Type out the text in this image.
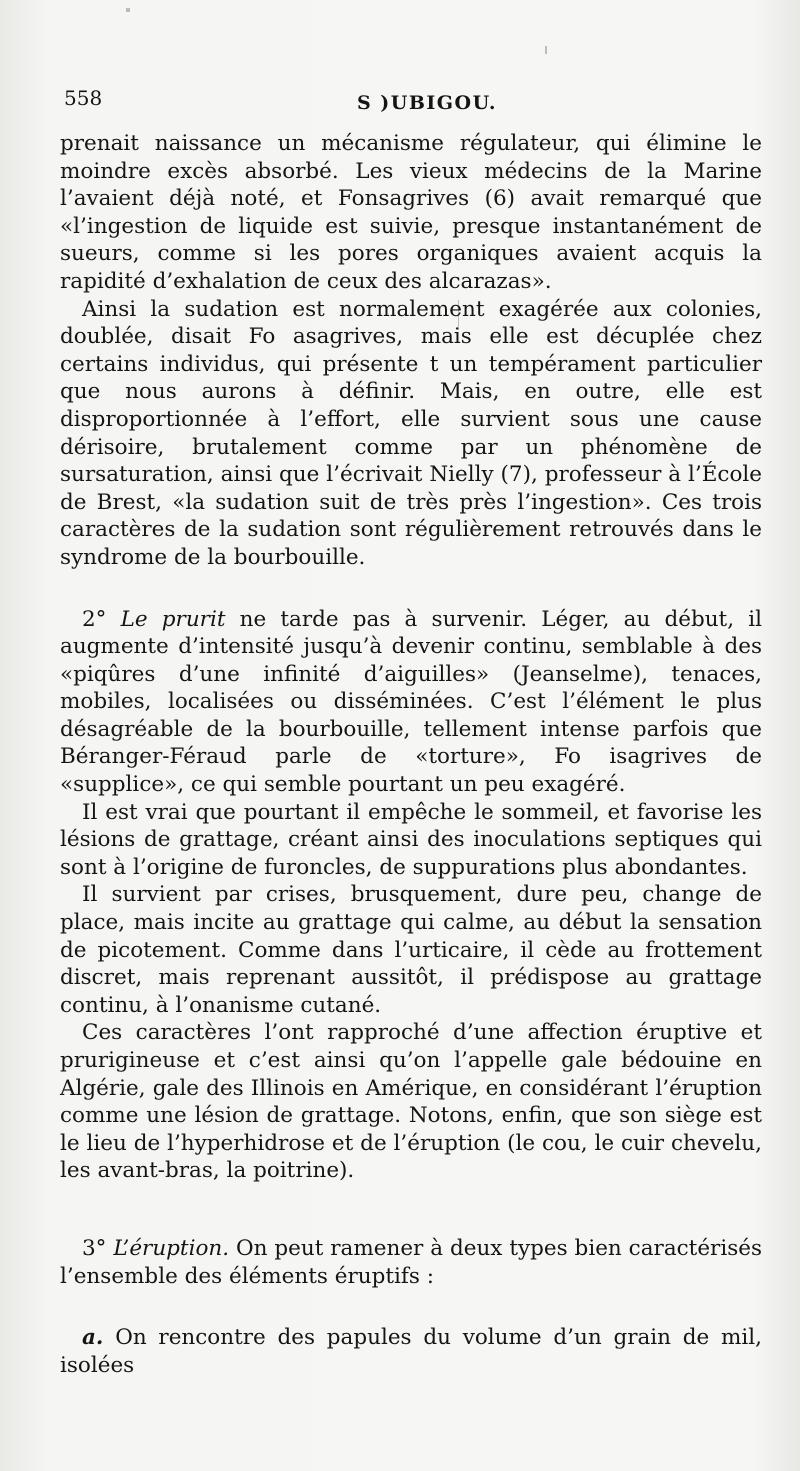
558	S )UBIGOU.

prenait naissance un mécanisme régulateur, qui élimine le moindre excès absorbé. Les vieux médecins de la Marine l’avaient déjà noté, et Fonsagrives (6) avait remarqué que «l’ingestion de liquide est suivie, presque instantanément de sueurs, comme si les pores organiques avaient acquis la rapidité d’exhalation de ceux des alcarazas».

Ainsi la sudation est normalement exagérée aux colonies, doublée, disait Fo asagrives, mais elle est décuplée chez certains individus, qui présente t un tempérament particulier que nous aurons à définir. Mais, en outre, elle est disproportionnée à l’effort, elle survient sous une cause dérisoire, brutalement comme par un phénomène de sursaturation, ainsi que l’écrivait Nielly (7), professeur à l’École de Brest, «la sudation suit de très près l’ingestion». Ces trois caractères de la sudation sont régulièrement retrouvés dans le syndrome de la bourbouille.

2° Le prurit ne tarde pas à survenir. Léger, au début, il augmente d’intensité jusqu’à devenir continu, semblable à des «piqûres d’une infinité d’aiguilles» (Jeanselme), tenaces, mobiles, localisées ou disséminées. C’est l’élément le plus désagréable de la bourbouille, tellement intense parfois que Béranger-Féraud parle de «torture», Fo isagrives de «supplice», ce qui semble pourtant un peu exagéré.

Il est vrai que pourtant il empêche le sommeil, et favorise les lésions de grattage, créant ainsi des inoculations septiques qui sont à l’origine de furoncles, de suppurations plus abondantes.

Il survient par crises, brusquement, dure peu, change de place, mais incite au grattage qui calme, au début la sensation de picotement. Comme dans l’urticaire, il cède au frottement discret, mais reprenant aussitôt, il prédispose au grattage continu, à l’onanisme cutané.

Ces caractères l’ont rapproché d’une affection éruptive et prurigineuse et c’est ainsi qu’on l’appelle gale bédouine en Algérie, gale des Illinois en Amérique, en considérant l’éruption comme une lésion de grattage. Notons, enfin, que son siège est le lieu de l’hyperhidrose et de l’éruption (le cou, le cuir chevelu, les avant-bras, la poitrine).

3° L’éruption. On peut ramener à deux types bien caractérisés l’ensemble des éléments éruptifs :

a. On rencontre des papules du volume d’un grain de mil, isolées
